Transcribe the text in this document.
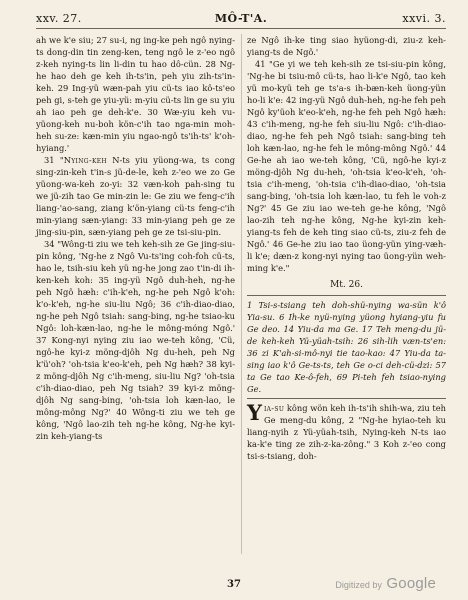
xxv. 27.	MÔ-T'A.	xxvi. 3.

ah we k'e siu; 27 su-i, ng ing-ke peh ngô nying-ts dong-din tin zeng-ken, teng ngô le z-'eo ngô z-keh nying-ts lin li-din tu hao dô-cün. 28 Ng-he hao deh ge keh ih-ts'in, peh yiu zih-ts'in-keh. 29 Ing-yü wæn-pah yiu cü-ts iao kô-ts'eo peh gi, s-teh ge yiu-yü: m-yiu cü-ts lin ge su yiu ah iao peh ge deh-k'e. 30 Wæ-yiu keh vu-yüong-keh nu-boh kön-c'ih tao nga-min moh-heh su-ze: kæn-min yiu ngao-ngô ts'ih-ts' k'oh-hyiang.'

31 "Nying-keh N-ts yiu yüong-wa, ts cong sing-zin-keh t'in-s jü-de-le, keh z-'eo we zo Ge yüong-wa-keh zo-yi: 32 væn-koh pah-sing tu we jü-zih tao Ge min-zin le: Ge ziu we feng-c'ih liang-'ao-sang, ziang k'ön-yiang cü-ts feng-c'ih min-yiang sæn-yiang: 33 min-yiang peh ge ze jing-siu-pin, sæn-yiang peh ge ze tsi-siu-pin.

34 "Wông-ti ziu we teh keh-sih ze Ge jing-siu-pin kông, 'Ng-he z Ngô Vu-ts'ing coh-foh cü-ts, hao le, tsih-siu keh yü ng-he jong zao t'in-di ih-ken-keh koh: 35 ing-yü Ngô duh-heh, ng-he peh Ngô hæh: c'ih-k'eh, ng-he peh Ngô k'oh: k'o-k'eh, ng-he siu-liu Ngô; 36 c'ih-diao-diao, ng-he peh Ngô tsiah: sang-bing, ng-he tsiao-ku Ngô: loh-kæn-lao, ng-he le mông-móng Ngô.' 37 Kong-nyi nying ziu iao we-teh kông, 'Cü, ngô-he kyi-z möng-djôh Ng du-heh, peh Ng k'ü'oh? 'oh-tsia k'eo-k'eh, peh Ng hæh? 38 kyi-z möng-djôh Ng c'ih-meng, siu-liu Ng? 'oh-tsia c'ih-diao-diao, peh Ng tsiah? 39 kyi-z möng-djôh Ng sang-bing, 'oh-tsia loh kæn-lao, le mông-mông Ng?' 40 Wông-ti ziu we teh ge kông, 'Ngô lao-zih teh ng-he kông, Ng-he kyi-zin keh-yiang-ts

ze Ngô ih-ke ting siao hyüong-di, ziu-z keh-yiang-ts de Ngô.'

41 "Ge yi we teh keh-sih ze tsi-siu-pin kông, 'Ng-he bi tsiu-mô cü-ts, hao li-k'e Ngô, tao keh yü mo-kyü teh ge ts'a-s ih-bæn-keh üong-yün ho-li k'e: 42 ing-yü Ngô duh-heh, ng-he feh peh Ngô ky'üoh k'eo-k'eh, ng-he feh peh Ngô hæh: 43 c'ih-meng, ng-he feh siu-liu Ngô: c'ih-diao-diao, ng-he feh peh Ngô tsiah: sang-bing teh loh kæn-lao, ng-he feh le mông-mông Ngô.' 44 Ge-he ah iao we-teh kông, 'Cü, ngô-he kyi-z möng-djôh Ng du-heh, 'oh-tsia k'eo-k'eh, 'oh-tsia c'ih-meng, 'oh-tsia c'ih-diao-diao, 'oh-tsia sang-bing, 'oh-tsia loh kæn-lao, tu feh le voh-z Ng?' 45 Ge ziu iao we-teh ge-he kông, 'Ngô lao-zih teh ng-he kông, Ng-he kyi-zin keh-yiang-ts feh de keh ting siao cü-ts, ziu-z feh de Ngô.' 46 Ge-he ziu iao tao üong-yün ying-væh-li k'e; dæn-z kong-nyi nying tao üong-yün weh-ming k'e."

Mt. 26.

1 Tsi-s-tsiang teh doh-shü-nying wa-sün k'ô Yia-su. 6 Ih-ke nyü-nying yüong hyiang-yiu fu Ge deo. 14 Yiu-da ma Ge. 17 Teh meng-du jü-de keh-keh Yü-yüah-tsih: 26 sih-lih væn-ts'en: 36 zi K'ah-si-mô-nyi tie tao-kao: 47 Yiu-da ta-sing iao k'ô Ge-ts-ts, teh Ge o-ci deh-cü-dzi: 57 ta Ge tao Ke-ô-feh, 69 Pi-teh feh tsiao-nying Ge.

Yia-su kông wön keh ih-ts'ih shih-wa, ziu teh Ge meng-du kông, 2 "Ng-he hyiao-teh ku liang-nyih z Yü-yüah-tsih, Nying-keh N-ts iao ka-k'e ting ze zih-z-ka-zông." 3 Koh z-'eo cong tsi-s-tsiang, doh-

37	Digitized by Google
